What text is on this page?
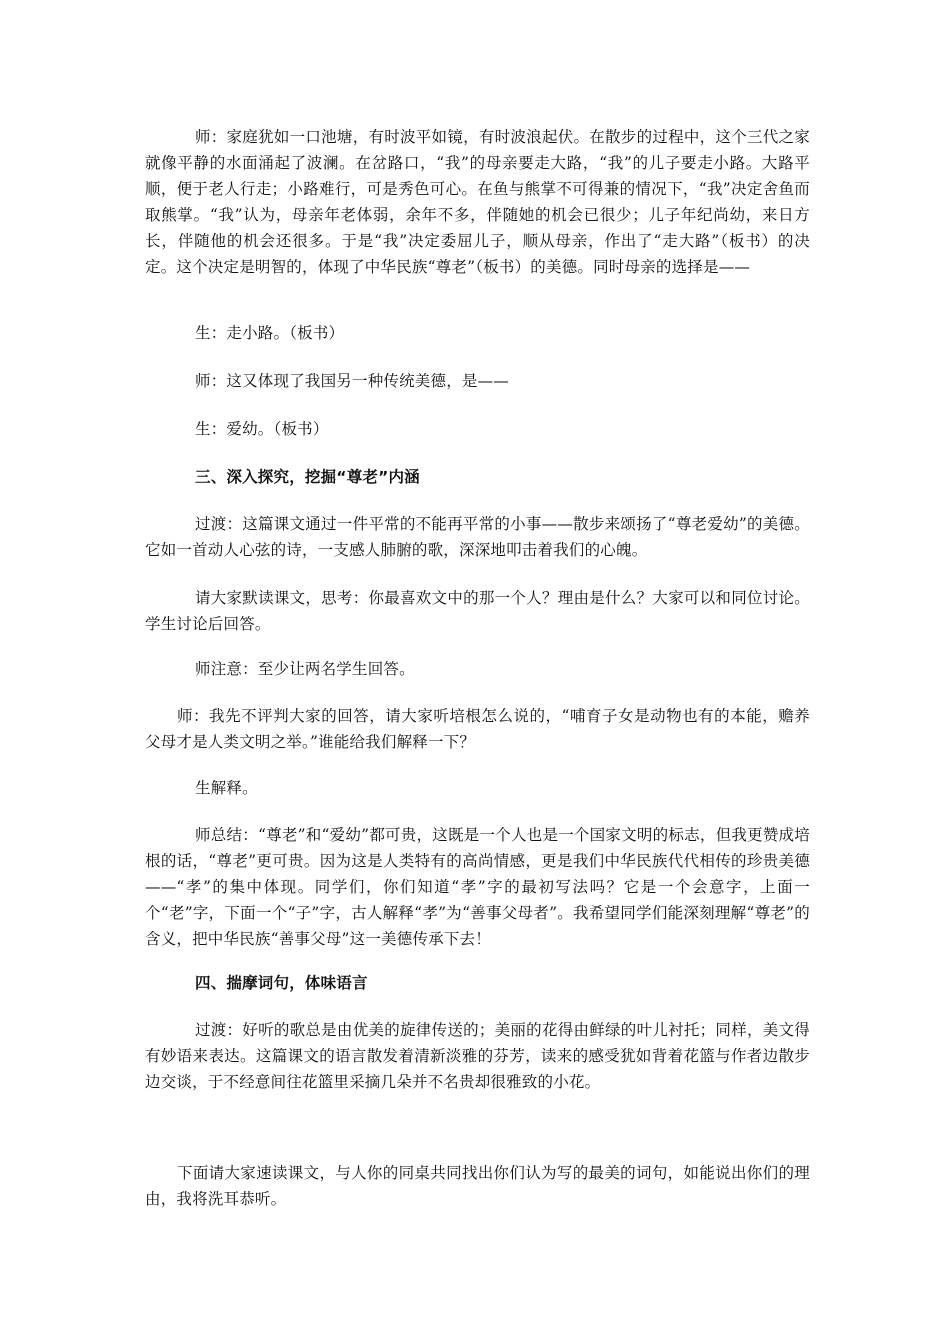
师：家庭犹如一口池塘，有时波平如镜，有时波浪起伏。在散步的过程中，这个三代之家就像平静的水面涌起了波澜。在岔路口，“我”的母亲要走大路，“我”的儿子要走小路。大路平顺，便于老人行走；小路难行，可是秀色可心。在鱼与熊掌不可得兼的情况下，“我”决定舍鱼而取熊掌。“我”认为，母亲年老体弱，余年不多，伴随她的机会已很少；儿子年纪尚幼，来日方长，伴随他的机会还很多。于是“我”决定委屈儿子，顺从母亲，作出了“走大路”（板书）的决定。这个决定是明智的，体现了中华民族“尊老”（板书）的美德。同时母亲的选择是——

生：走小路。（板书）

师：这又体现了我国另一种传统美德，是——

生：爱幼。（板书）

三、深入探究，挖掘“尊老”内涵

过渡：这篇课文通过一件平常的不能再平常的小事——散步来颂扬了“尊老爱幼”的美德。它如一首动人心弦的诗，一支感人肺腑的歌，深深地叩击着我们的心魄。

请大家默读课文，思考：你最喜欢文中的那一个人？理由是什么？大家可以和同位讨论。学生讨论后回答。

师注意：至少让两名学生回答。

师：我先不评判大家的回答，请大家听培根怎么说的，“哺育子女是动物也有的本能，赡养父母才是人类文明之举。”谁能给我们解释一下？

生解释。

师总结：“尊老”和“爱幼”都可贵，这既是一个人也是一个国家文明的标志，但我更赞成培根的话，“尊老”更可贵。因为这是人类特有的高尚情感，更是我们中华民族代代相传的珍贵美德——“孝”的集中体现。同学们，你们知道“孝”字的最初写法吗？它是一个会意字，上面一个“老”字，下面一个“子”字，古人解释“孝”为“善事父母者”。我希望同学们能深刻理解“尊老”的含义，把中华民族“善事父母”这一美德传承下去！

四、揣摩词句，体味语言

过渡：好听的歌总是由优美的旋律传送的；美丽的花得由鲜绿的叶儿衬托；同样，美文得有妙语来表达。这篇课文的语言散发着清新淡雅的芬芳，读来的感受犹如背着花篮与作者边散步边交谈，于不经意间往花篮里采摘几朵并不名贵却很雅致的小花。

下面请大家速读课文，与人你的同桌共同找出你们认为写的最美的词句，如能说出你们的理由，我将洗耳恭听。
